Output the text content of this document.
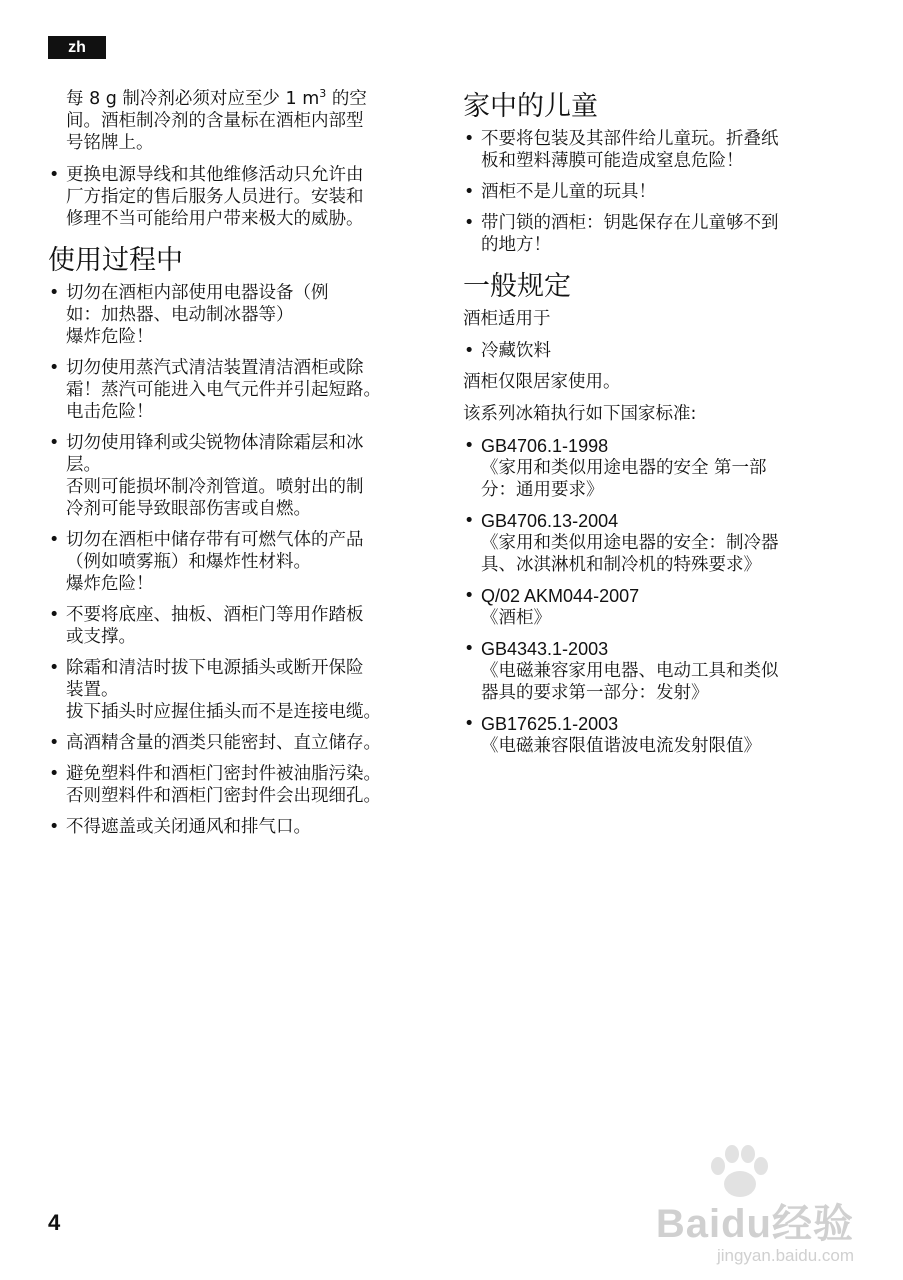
zh

每 8 g 制冷剂必须对应至少 1 $m^3$ 的空
间。酒柜制冷剂的含量标在酒柜内部型
号铭牌上。

• 更换电源导线和其他维修活动只允许由
厂方指定的售后服务人员进行。安装和
修理不当可能给用户带来极大的威胁。
使用过程中
• 切勿在酒柜内部使用电器设备（例
如：加热器、电动制冰器等）
爆炸危险！
• 切勿使用蒸汽式清洁装置清洁酒柜或除
霜！蒸汽可能进入电气元件并引起短路。
电击危险！
• 切勿使用锋利或尖锐物体清除霜层和冰
层。
否则可能损坏制冷剂管道。喷射出的制
冷剂可能导致眼部伤害或自燃。
• 切勿在酒柜中储存带有可燃气体的产品
（例如喷雾瓶）和爆炸性材料。
爆炸危险！
• 不要将底座、抽板、酒柜门等用作踏板
或支撑。
• 除霜和清洁时拔下电源插头或断开保险
装置。
拔下插头时应握住插头而不是连接电缆。
• 高酒精含量的酒类只能密封、直立储存。
• 避免塑料件和酒柜门密封件被油脂污染。
否则塑料件和酒柜门密封件会出现细孔。
• 不得遮盖或关闭通风和排气口。
家中的儿童
• 不要将包装及其部件给儿童玩。折叠纸
板和塑料薄膜可能造成窒息危险！
• 酒柜不是儿童的玩具！
• 带门锁的酒柜：钥匙保存在儿童够不到
的地方！
一般规定

酒柜适用于

• 冷藏饮料

酒柜仅限居家使用。

该系列冰箱执行如下国家标准:

• GB4706.1-1998
《家用和类似用途电器的安全 第一部
分：通用要求》
• GB4706.13-2004
《家用和类似用途电器的安全：制冷器
具、冰淇淋机和制冷机的特殊要求》
• Q/02 AKM044-2007
《酒柜》
• GB4343.1-2003
《电磁兼容家用电器、电动工具和类似
器具的要求第一部分：发射》
• GB17625.1-2003
《电磁兼容限值谐波电流发射限值》
4	Baidu经验
jingyan.baidu.com
